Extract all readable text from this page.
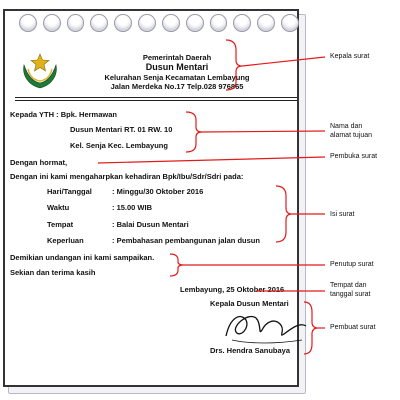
Pemerintah Daerah
Dusun Mentari
Kelurahan Senja Kecamatan Lembayung
Jalan Merdeka No.17 Telp.028 976865
Kepada YTH : Bpk. Hermawan
Dusun Mentari RT. 01 RW. 10
Kel. Senja Kec. Lembayung
Dengan hormat,
Dengan ini kami mengaharpkan kehadiran Bpk/Ibu/Sdr/Sdri pada:
Hari/Tanggal	: Minggu/30 Oktober 2016
Waktu	: 15.00 WIB
Tempat	: Balai Dusun Mentari
Keperluan	: Pembahasan pembangunan jalan dusun
Demikian undangan ini kami sampaikan.
Sekian dan terima kasih
Lembayung, 25 Oktober 2016
Kepala Dusun Mentari
Drs. Hendra Sanubaya
Kepala surat
Nama dan
alamat tujuan
Pembuka surat
Isi surat
Penutup surat
Tempat dan
tanggal surat
Pembuat surat
